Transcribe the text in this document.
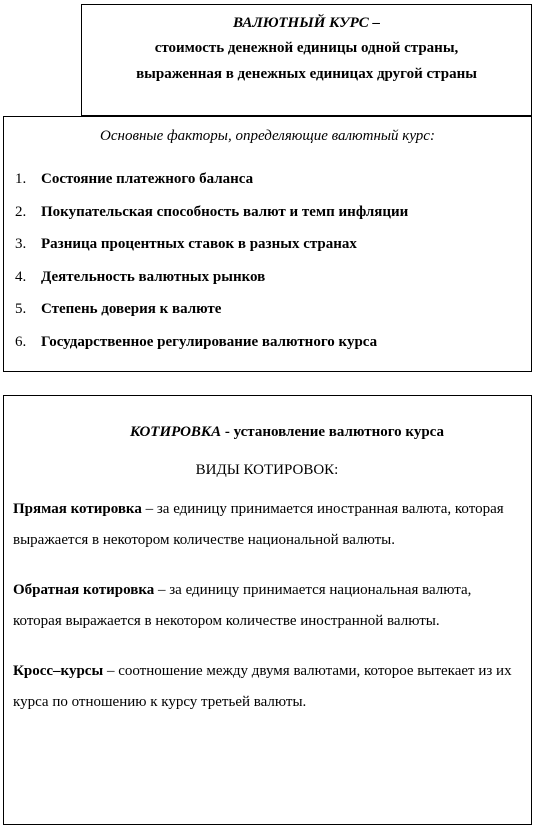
ВАЛЮТНЫЙ КУРС –
стоимость денежной единицы одной страны,
выраженная в денежных единицах другой страны
Основные факторы, определяющие валютный курс:
1. Состояние платежного баланса
2. Покупательская способность валют и темп инфляции
3. Разница процентных ставок в разных странах
4. Деятельность валютных рынков
5. Степень доверия к валюте
6. Государственное регулирование валютного курса
КОТИРОВКА - установление валютного курса
ВИДЫ КОТИРОВОК:
Прямая котировка – за единицу принимается иностранная валюта, которая выражается в некотором количестве национальной валюты.
Обратная котировка – за единицу принимается национальная валюта, которая выражается в некотором количестве иностранной валюты.
Кросс–курсы – соотношение между двумя валютами, которое вытекает из их курса по отношению к курсу третьей валюты.
